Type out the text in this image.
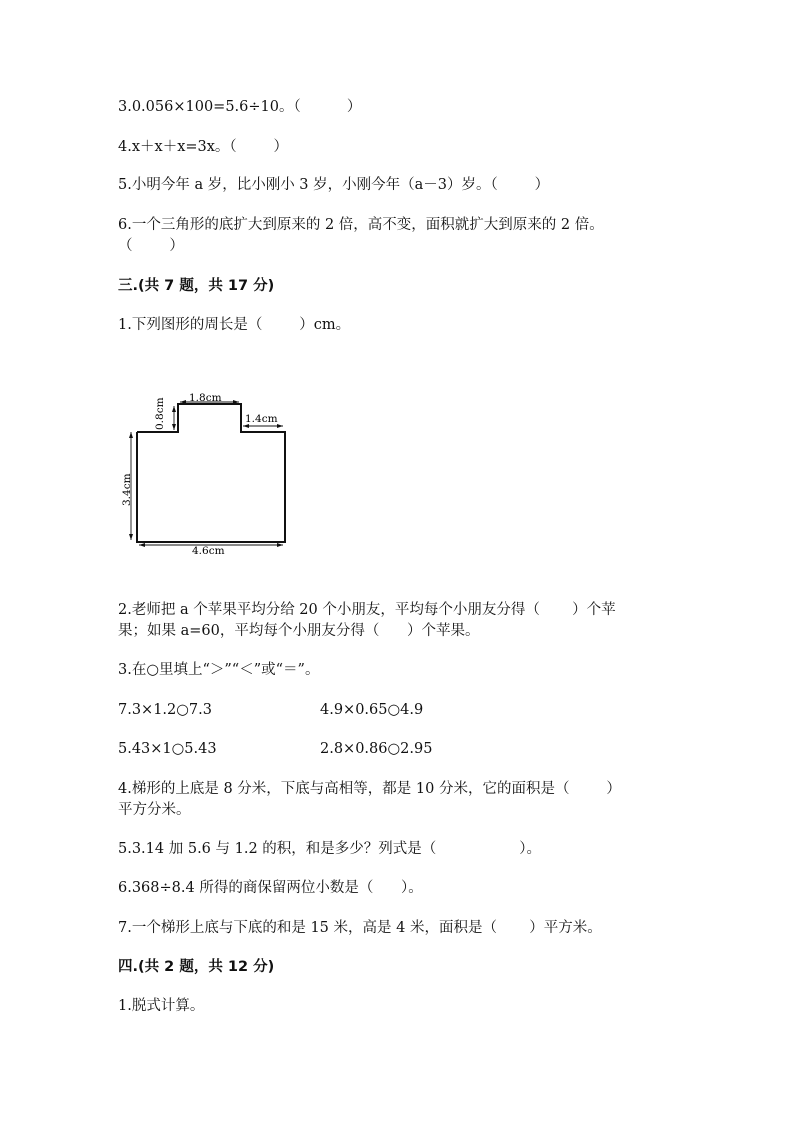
3.0.056×100=5.6÷10。（          ）
4.x＋x＋x=3x。（        ）
5.小明今年 a 岁，比小刚小 3 岁，小刚今年（a－3）岁。（        ）
6.一个三角形的底扩大到原来的 2 倍，高不变，面积就扩大到原来的 2 倍。
（        ）
三.(共 7 题，共 17 分)
1.下列图形的周长是（        ）cm。
1.8cm
0.8cm	1.4cm
3.4cm
4.6cm
2.老师把 a 个苹果平均分给 20 个小朋友，平均每个小朋友分得（       ）个苹
果；如果 a=60，平均每个小朋友分得（      ）个苹果。
3.在○里填上“＞”“＜”或“＝”。
7.3×1.2○7.3	4.9×0.65○4.9
5.43×1○5.43	2.8×0.86○2.95
4.梯形的上底是 8 分米，下底与高相等，都是 10 分米，它的面积是（        ）
平方分米。
5.3.14 加 5.6 与 1.2 的积，和是多少？列式是（                  ）。
6.368÷8.4 所得的商保留两位小数是（      ）。
7.一个梯形上底与下底的和是 15 米，高是 4 米，面积是（       ）平方米。
四.(共 2 题，共 12 分)
1.脱式计算。
